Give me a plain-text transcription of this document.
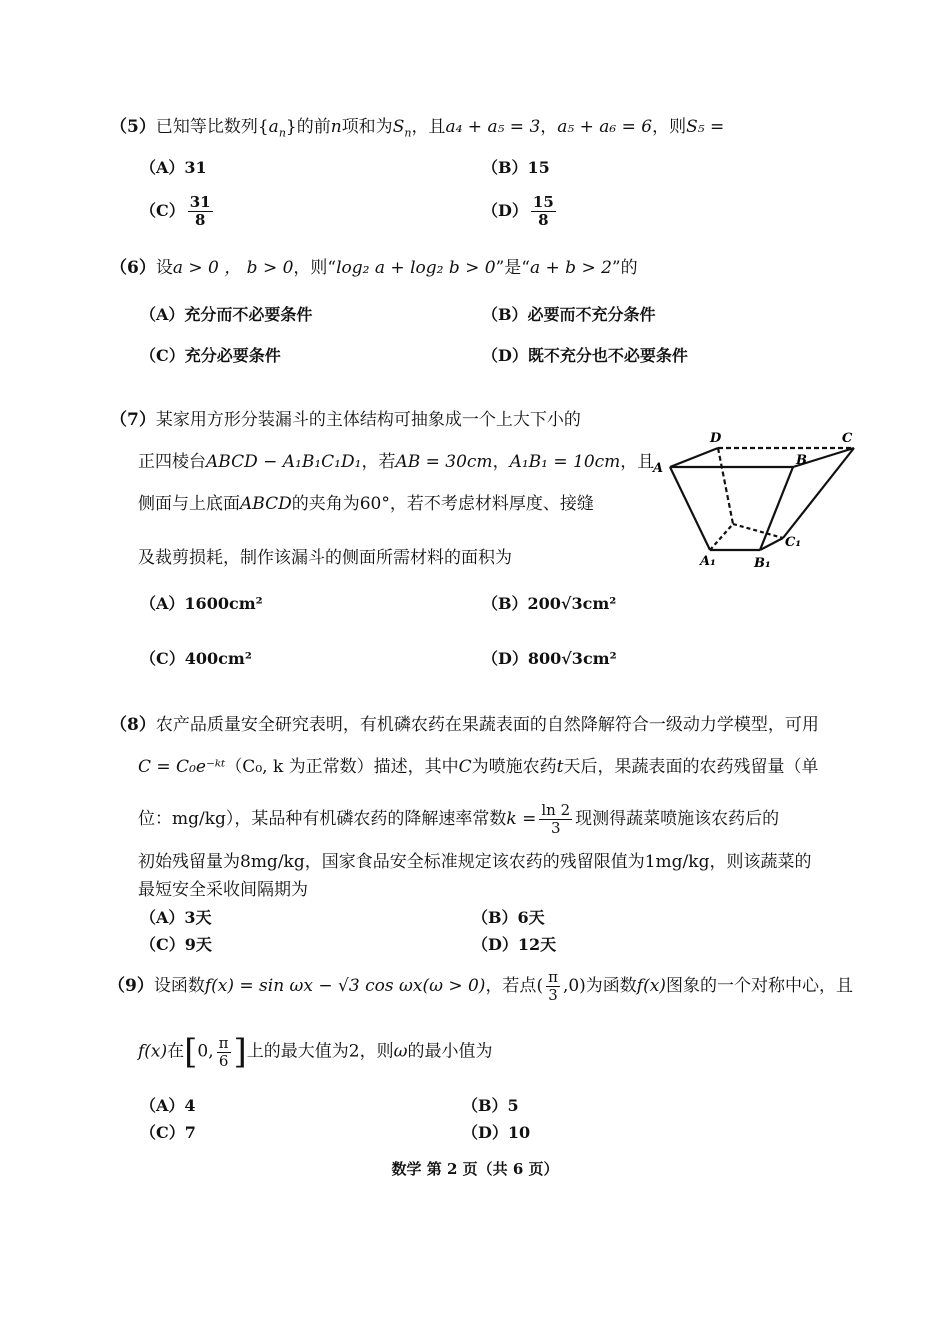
（5）已知等比数列$\{a_n\}$的前n项和为$S_n$，且a₄ + a₅ = 3，a₅ + a₆ = 6，则S₅ =
（A）31	（B）15
$(C) \frac{31}{8}$	$(D) \frac{15}{8}$
（6）设a > 0 ， b > 0，则“log₂ a + log₂ b > 0”是“a + b > 2”的
（A）充分而不必要条件	（B）必要而不充分条件
（C）充分必要条件	（D）既不充分也不必要条件
（7）某家用方形分装漏斗的主体结构可抽象成一个上大下小的
正四棱台ABCD − A₁B₁C₁D₁，若AB = 30cm，A₁B₁ = 10cm，且
侧面与上底面ABCD的夹角为60°，若不考虑材料厚度、接缝
及裁剪损耗，制作该漏斗的侧面所需材料的面积为
D	C
A
B
A₁	B₁
C₁
（A）1600cm²	（B）200√3cm²
（C）400cm²	（D）800√3cm²
（8）农产品质量安全研究表明，有机磷农药在果蔬表面的自然降解符合一级动力学模型，可用
C = C₀e⁻ᵏᵗ（C₀, k 为正常数）描述，其中C为喷施农药t天后，果蔬表面的农药残留量（单
位：mg/kg），某品种有机磷农药的降解速率常数$k = \frac{\ln 2}{3}$ 现测得蔬菜喷施该农药后的
初始残留量为8mg/kg，国家食品安全标准规定该农药的残留限值为1mg/kg，则该蔬菜的
最短安全采收间隔期为
（A）3天	（B）6天
（C）9天	（D）12天
（9）设函数f(x) = sin ωx − √3 cos ωx(ω > 0)，若点( $\frac{\pi}{3} ,0$)为函数f(x)图象的一个对称中心，且
f(x)在[0, $\frac{\pi}{6}$ ]上的最大值为2，则ω的最小值为
（A）4	（B）5
（C）7	（D）10
数学 第 2 页（共 6 页）
